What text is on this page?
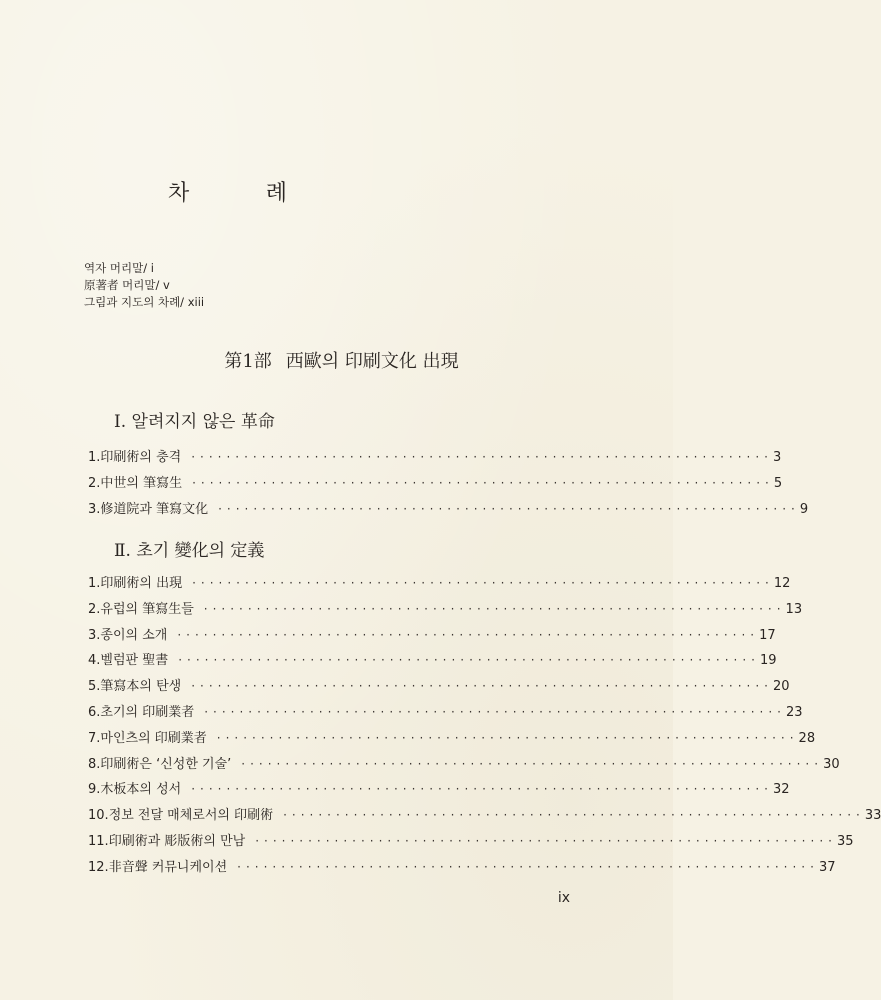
차	례
역자 머리말/ i
原著者 머리말/ v
그림과 지도의 차례/ xiii
第1部 西歐의 印刷文化 出現
Ⅰ. 알려지지 않은 革命
1. 印刷術의 충격 ·································································· 3
2. 中世의 筆寫生 ·································································· 5
3. 修道院과 筆寫文化 ·································································· 9
Ⅱ. 초기 變化의 定義
1. 印刷術의 出現 ·································································· 12
2. 유럽의 筆寫生들 ·································································· 13
3. 종이의 소개 ·································································· 17
4. 벨럼판 聖書 ·································································· 19
5. 筆寫本의 탄생 ·································································· 20
6. 초기의 印刷業者 ·································································· 23
7. 마인츠의 印刷業者 ·································································· 28
8. 印刷術은 ‘신성한 기술’ ·································································· 30
9. 木板本의 성서 ·································································· 32
10. 정보 전달 매체로서의 印刷術 ·································································· 33
11. 印刷術과 彫版術의 만남 ·································································· 35
12. 非音聲 커뮤니케이션 ·································································· 37
ix
